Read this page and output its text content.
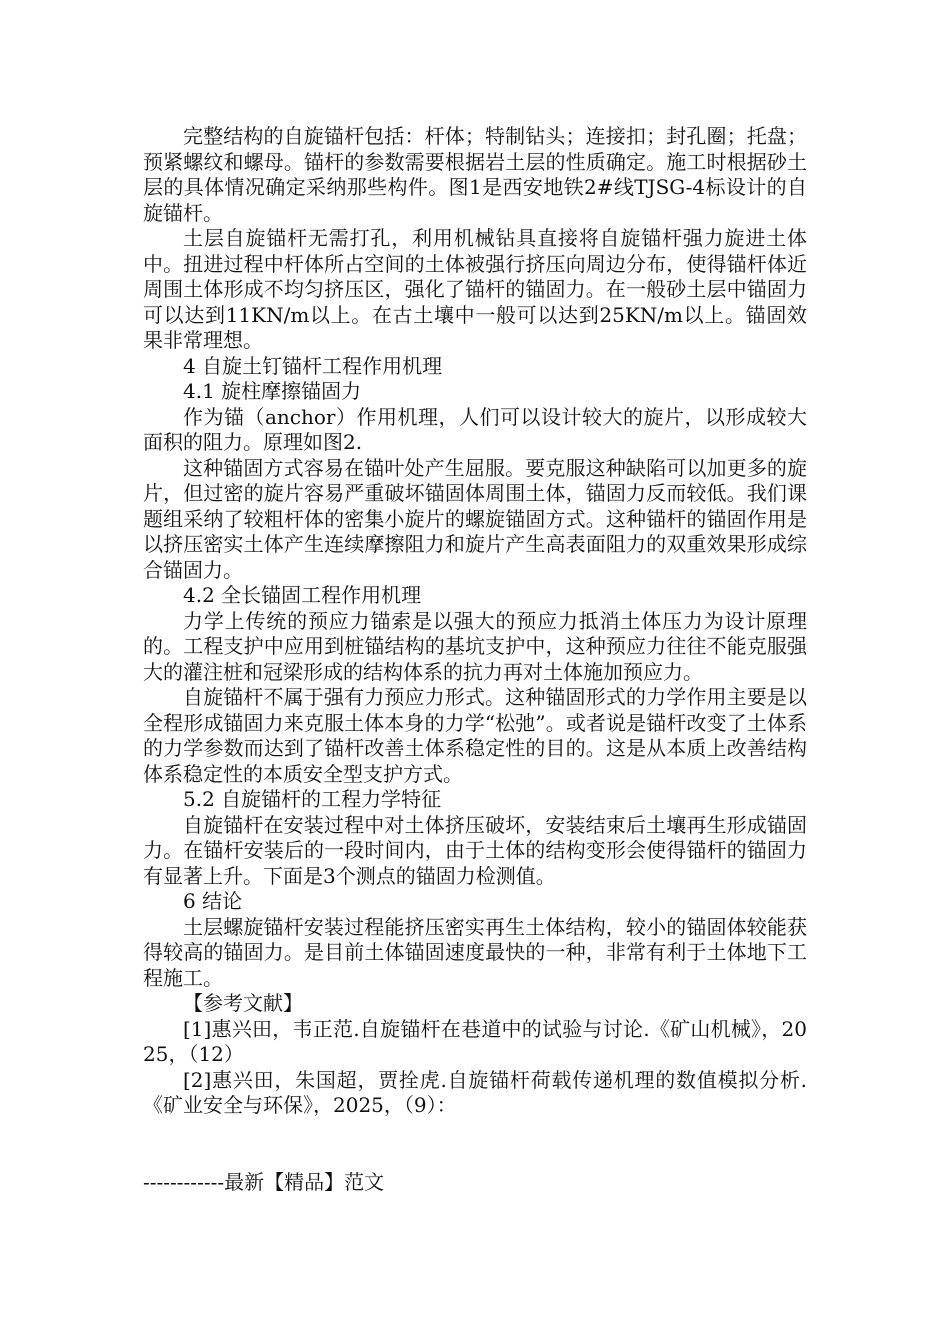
完整结构的自旋锚杆包括：杆体；特制钻头；连接扣；封孔圈；托盘；预紧螺纹和螺母。锚杆的参数需要根据岩土层的性质确定。施工时根据砂土层的具体情况确定采纳那些构件。图1是西安地铁2#线TJSG-4标设计的自旋锚杆。

土层自旋锚杆无需打孔，利用机械钻具直接将自旋锚杆强力旋进土体中。扭进过程中杆体所占空间的土体被强行挤压向周边分布，使得锚杆体近周围土体形成不均匀挤压区，强化了锚杆的锚固力。在一般砂土层中锚固力可以达到11KN/m以上。在古土壤中一般可以达到25KN/m以上。锚固效果非常理想。

4 自旋土钉锚杆工程作用机理

4.1 旋柱摩擦锚固力

作为锚（anchor）作用机理，人们可以设计较大的旋片，以形成较大面积的阻力。原理如图2.

这种锚固方式容易在锚叶处产生屈服。要克服这种缺陷可以加更多的旋片，但过密的旋片容易严重破坏锚固体周围土体，锚固力反而较低。我们课题组采纳了较粗杆体的密集小旋片的螺旋锚固方式。这种锚杆的锚固作用是以挤压密实土体产生连续摩擦阻力和旋片产生高表面阻力的双重效果形成综合锚固力。

4.2 全长锚固工程作用机理

力学上传统的预应力锚索是以强大的预应力抵消土体压力为设计原理的。工程支护中应用到桩锚结构的基坑支护中，这种预应力往往不能克服强大的灌注桩和冠梁形成的结构体系的抗力再对土体施加预应力。

自旋锚杆不属于强有力预应力形式。这种锚固形式的力学作用主要是以全程形成锚固力来克服土体本身的力学“松弛”。或者说是锚杆改变了土体系的力学参数而达到了锚杆改善土体系稳定性的目的。这是从本质上改善结构体系稳定性的本质安全型支护方式。

5.2 自旋锚杆的工程力学特征

自旋锚杆在安装过程中对土体挤压破坏，安装结束后土壤再生形成锚固力。在锚杆安装后的一段时间内，由于土体的结构变形会使得锚杆的锚固力有显著上升。下面是3个测点的锚固力检测值。

6 结论

土层螺旋锚杆安装过程能挤压密实再生土体结构，较小的锚固体较能获得较高的锚固力。是目前土体锚固速度最快的一种，非常有利于土体地下工程施工。

【参考文献】

[1]惠兴田，韦正范.自旋锚杆在巷道中的试验与讨论.《矿山机械》，2025，（12）

[2]惠兴田，朱国超，贾拴虎.自旋锚杆荷载传递机理的数值模拟分析.《矿业安全与环保》，2025，（9）：

------------最新【精品】范文
